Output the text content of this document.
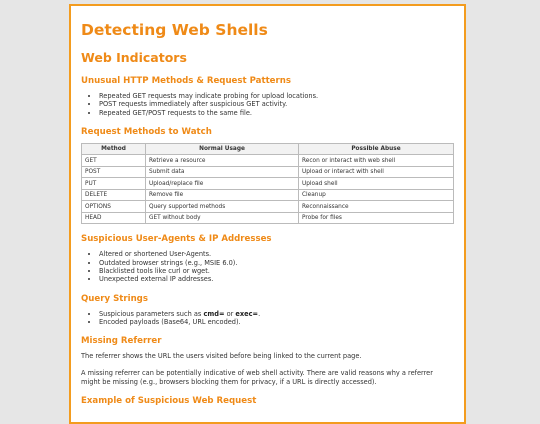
Detecting Web Shells
Web Indicators
Unusual HTTP Methods & Request Patterns
• Repeated GET requests may indicate probing for upload locations.
• POST requests immediately after suspicious GET activity.
• Repeated GET/POST requests to the same file.
Request Methods to Watch
Method	Normal Usage	Possible Abuse
GET	Retrieve a resource	Recon or interact with web shell
POST	Submit data	Upload or interact with shell
PUT	Upload/replace file	Upload shell
DELETE	Remove file	Cleanup
OPTIONS	Query supported methods	Reconnaissance
HEAD	GET without body	Probe for files
Suspicious User-Agents & IP Addresses
• Altered or shortened User-Agents.
• Outdated browser strings (e.g., MSIE 6.0).
• Blacklisted tools like curl or wget.
• Unexpected external IP addresses.
Query Strings
• Suspicious parameters such as cmd= or exec=.
• Encoded payloads (Base64, URL encoded).
Missing Referrer

The referrer shows the URL the users visited before being linked to the current page.

A missing referrer can be potentially indicative of web shell activity. There are valid reasons why a referrer might be missing (e.g., browsers blocking them for privacy, if a URL is directly accessed).

Example of Suspicious Web Request
